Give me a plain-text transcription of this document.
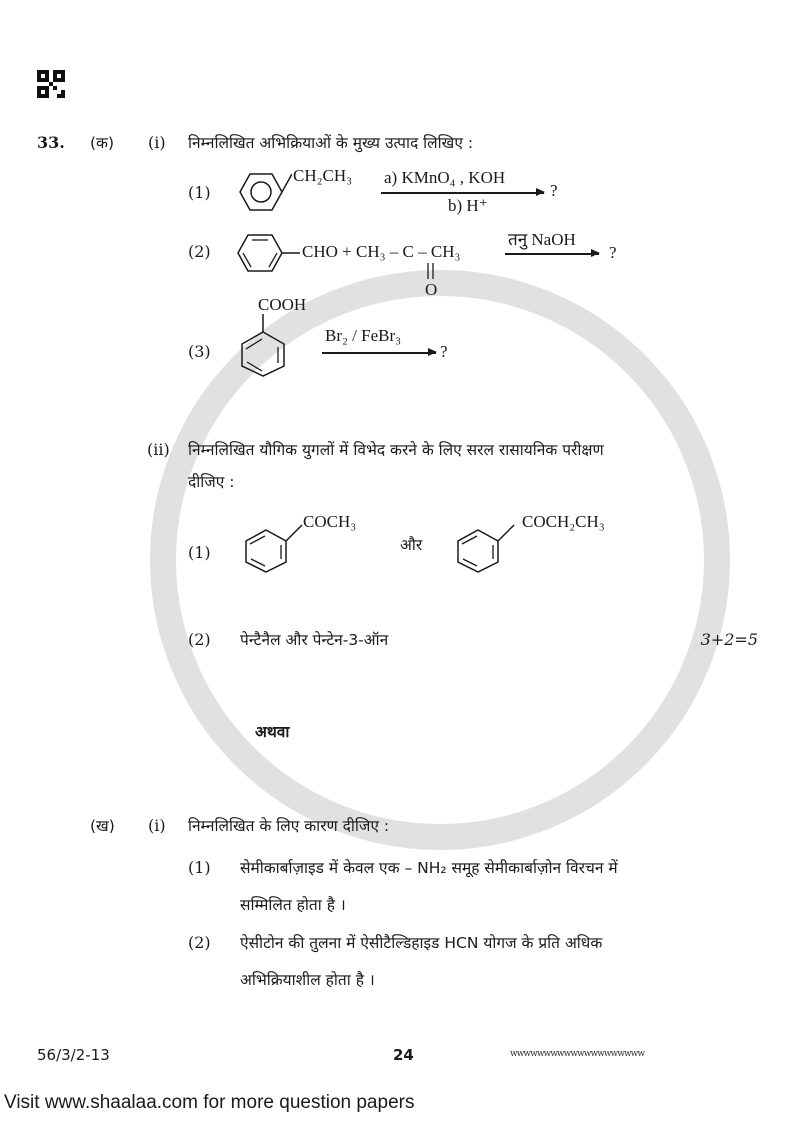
33. (क) (i) निम्नलिखित अभिक्रियाओं के मुख्य उत्पाद लिखिए :
(1)
CH₂CH₃ a) KMnO₄ , KOH
b) H⁺
?
(2)	CHO + CH₃ – C – CH₃
O
तनु NaOH
?
COOH
(3)
Br₂ / FeBr₃
?
(ii) निम्नलिखित यौगिक युगलों में विभेद करने के लिए सरल रासायनिक परीक्षण
दीजिए :
(1)
COCH₃
और
COCH₂CH₃
(2) पेन्टैनैल और पेन्टेन-3-ऑन	3+2=5
अथवा
(ख) (i) निम्नलिखित के लिए कारण दीजिए :
(1) सेमीकार्बाज़ाइड में केवल एक – NH₂ समूह सेमीकार्बाज़ोन विरचन में
सम्मिलित होता है ।
(2) ऐसीटोन की तुलना में ऐसीटैल्डिहाइड HCN योगज के प्रति अधिक
अभिक्रियाशील होता है ।
56/3/2-13	24	wwwwwwwwwwwwwwwwwwww
Visit www.shaalaa.com for more question papers
